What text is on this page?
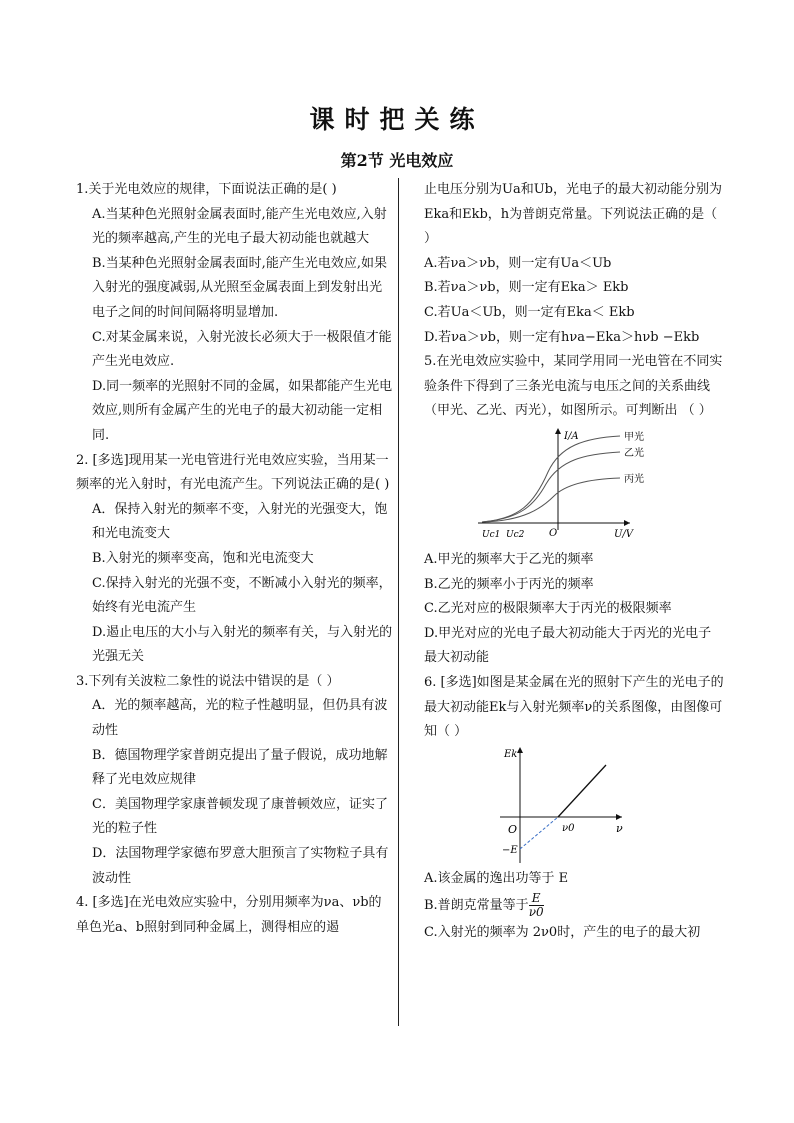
课时把关练
第2节 光电效应

1.关于光电效应的规律，下面说法正确的是( )

A.当某种色光照射金属表面时,能产生光电效应,入射光的频率越高,产生的光电子最大初动能也就越大

B.当某种色光照射金属表面时,能产生光电效应,如果入射光的强度减弱,从光照至金属表面上到发射出光电子之间的时间间隔将明显增加.

C.对某金属来说，入射光波长必须大于一极限值才能产生光电效应.

D.同一频率的光照射不同的金属，如果都能产生光电效应,则所有金属产生的光电子的最大初动能一定相同.

2. [多选]现用某一光电管进行光电效应实验，当用某一频率的光入射时，有光电流产生。下列说法正确的是( )

A．保持入射光的频率不变，入射光的光强变大，饱和光电流变大

B.入射光的频率变高，饱和光电流变大

C.保持入射光的光强不变，不断减小入射光的频率，始终有光电流产生

D.遏止电压的大小与入射光的频率有关，与入射光的光强无关

3.下列有关波粒二象性的说法中错误的是（ ）

A．光的频率越高，光的粒子性越明显，但仍具有波动性

B．德国物理学家普朗克提出了量子假说，成功地解释了光电效应规律

C．美国物理学家康普顿发现了康普顿效应，证实了光的粒子性

D．法国物理学家德布罗意大胆预言了实物粒子具有波动性

4. [多选]在光电效应实验中，分别用频率为νa、νb的单色光a、b照射到同种金属上，测得相应的遏

止电压分别为Ua和Ub，光电子的最大初动能分别为Eka和Ekb，h为普朗克常量。下列说法正确的是（ ）

A.若νa＞νb，则一定有Ua＜Ub

B.若νa＞νb，则一定有Eka＞ Ekb

C.若Ua＜Ub，则一定有Eka＜ Ekb

D.若νa＞νb，则一定有hνa−Eka＞hνb −Ekb

5.在光电效应实验中，某同学用同一光电管在不同实验条件下得到了三条光电流与电压之间的关系曲线（甲光、乙光、丙光），如图所示。可判断出 （ ）

I/A
U/V
O
Uc1 Uc2
甲光
乙光
丙光

A.甲光的频率大于乙光的频率

B.乙光的频率小于丙光的频率

C.乙光对应的极限频率大于丙光的极限频率

D.甲光对应的光电子最大初动能大于丙光的光电子最大初动能

6. [多选]如图是某金属在光的照射下产生的光电子的最大初动能Ek与入射光频率ν的关系图像，由图像可知（ ）

Ek
ν
O	ν0
−E

A.该金属的逸出功等于 E

B.普朗克常量等于 $\frac{E}{\nu 0}$

C.入射光的频率为 2ν0时，产生的电子的最大初
